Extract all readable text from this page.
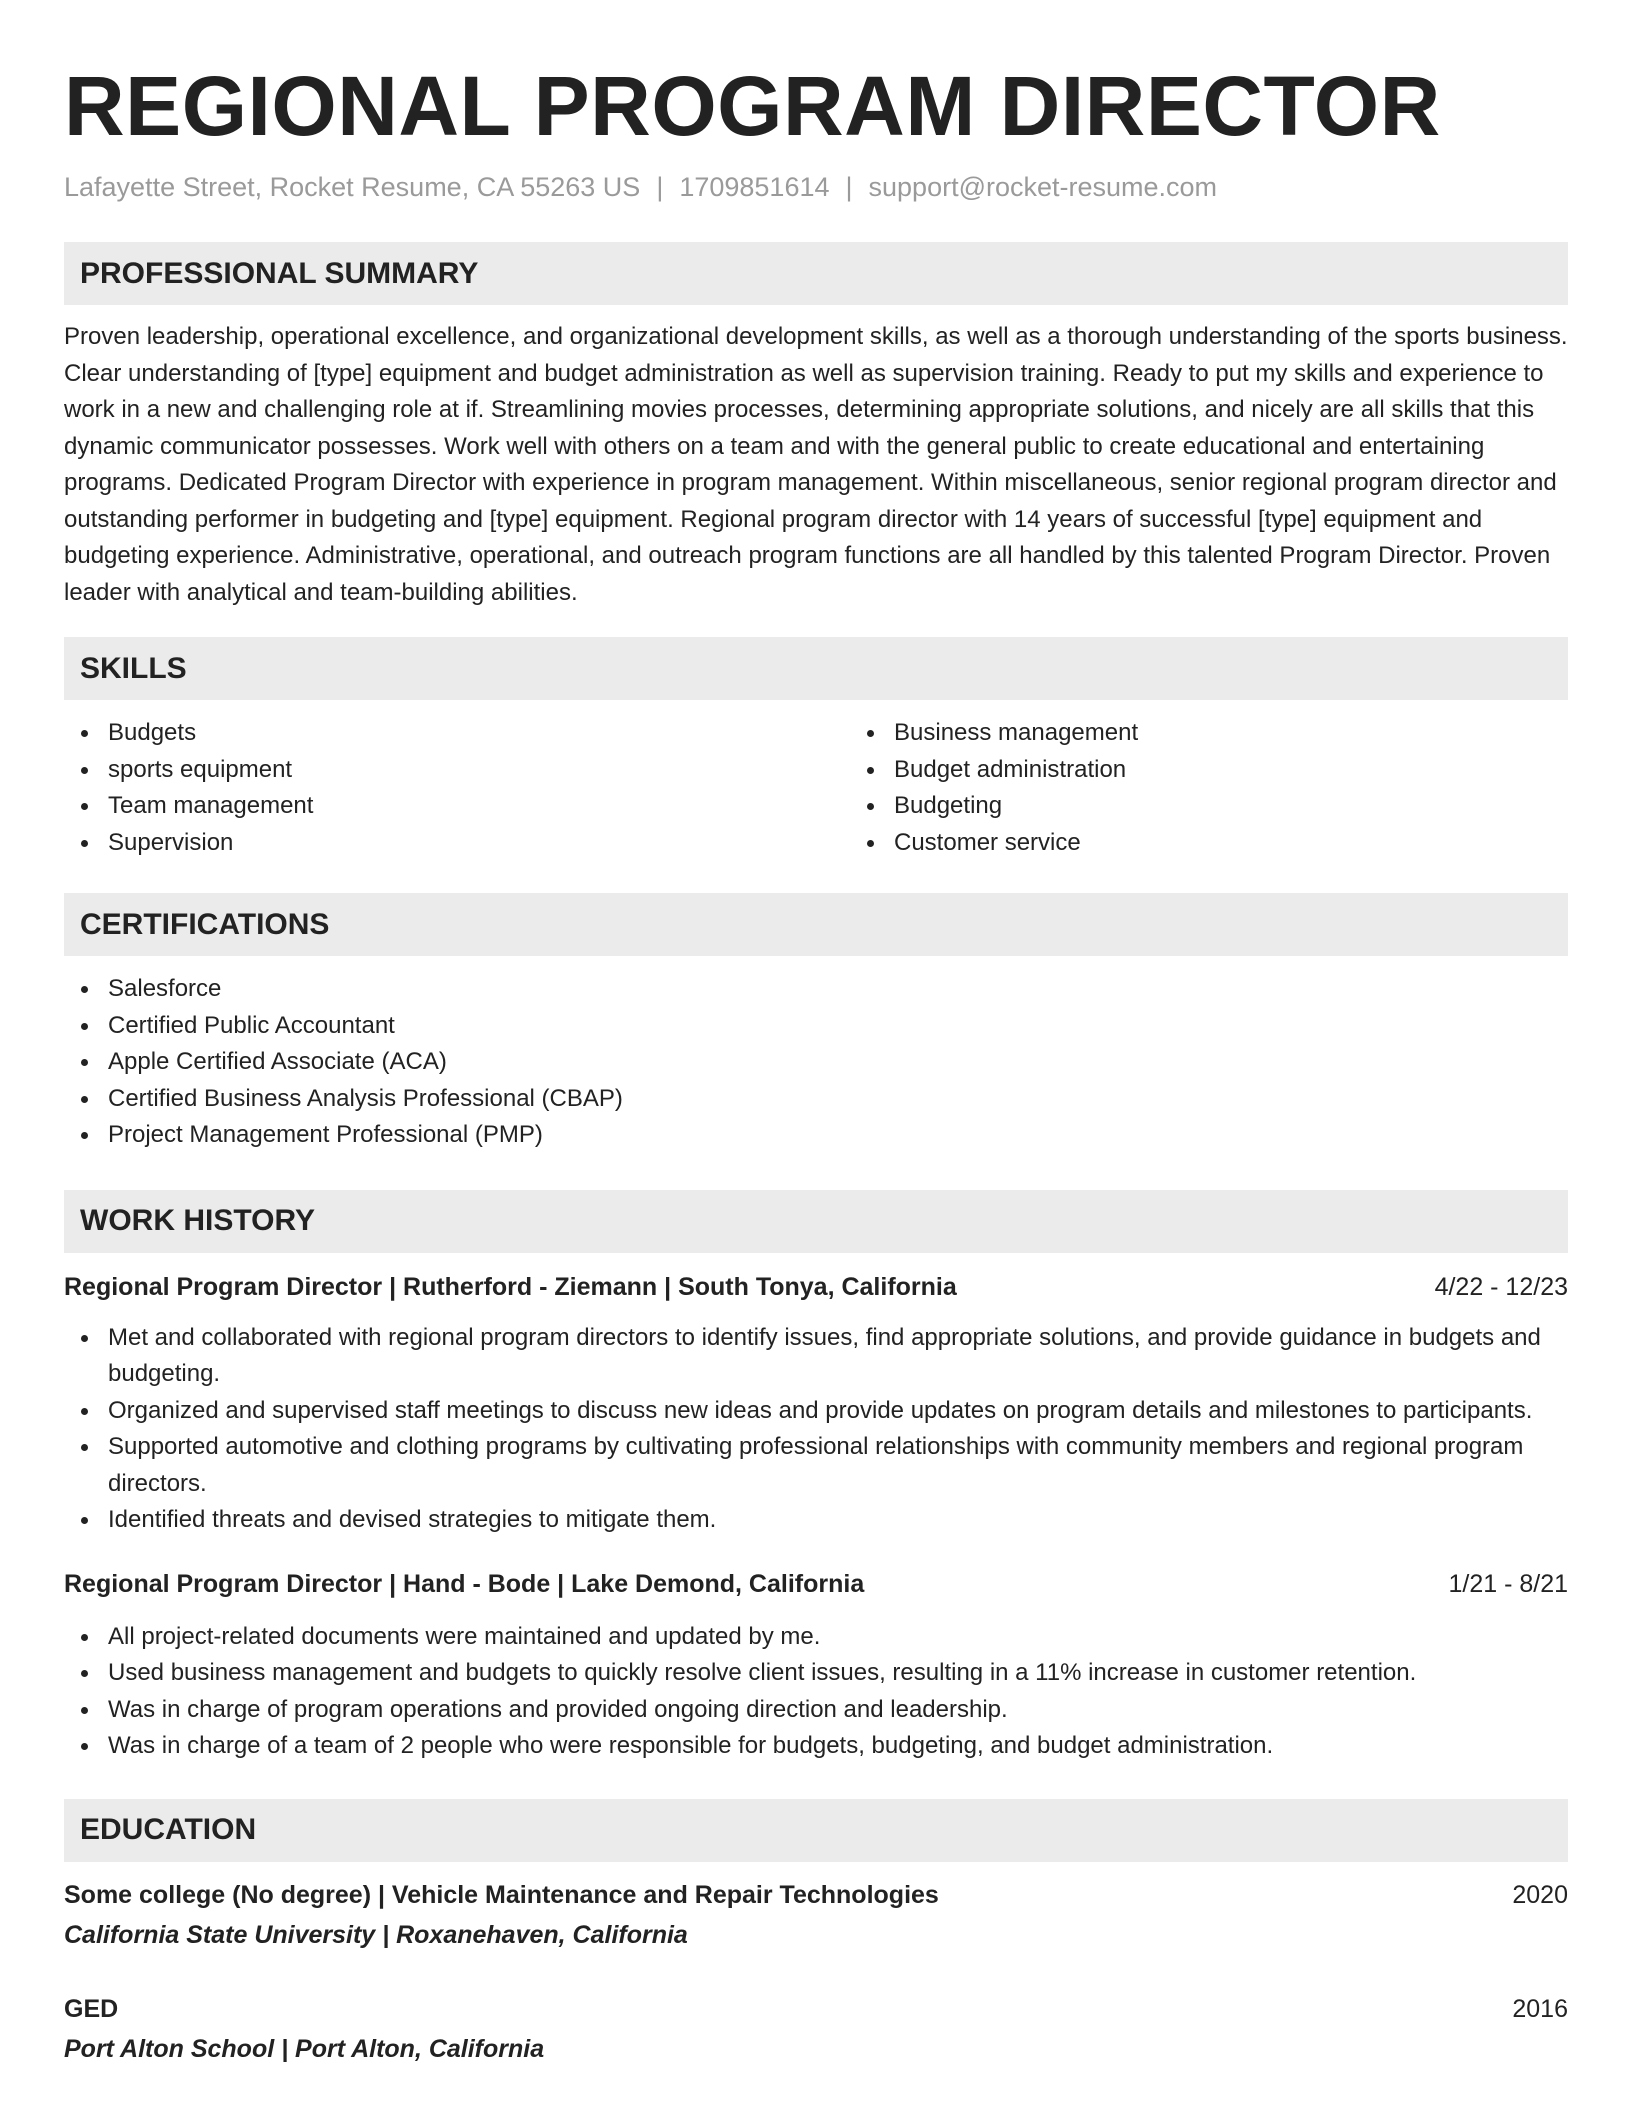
REGIONAL PROGRAM DIRECTOR
Lafayette Street, Rocket Resume, CA 55263 US | 1709851614 | support@rocket-resume.com
PROFESSIONAL SUMMARY

Proven leadership, operational excellence, and organizational development skills, as well as a thorough understanding of the sports business. Clear understanding of [type] equipment and budget administration as well as supervision training. Ready to put my skills and experience to work in a new and challenging role at if. Streamlining movies processes, determining appropriate solutions, and nicely are all skills that this dynamic communicator possesses. Work well with others on a team and with the general public to create educational and entertaining programs. Dedicated Program Director with experience in program management. Within miscellaneous, senior regional program director and outstanding performer in budgeting and [type] equipment. Regional program director with 14 years of successful [type] equipment and budgeting experience. Administrative, operational, and outreach program functions are all handled by this talented Program Director. Proven leader with analytical and team-building abilities.

SKILLS
Budgets
sports equipment
Team management
Supervision
Business management
Budget administration
Budgeting
Customer service
CERTIFICATIONS
Salesforce
Certified Public Accountant
Apple Certified Associate (ACA)
Certified Business Analysis Professional (CBAP)
Project Management Professional (PMP)
WORK HISTORY
Regional Program Director | Rutherford - Ziemann | South Tonya, California	4/22 - 12/23
Met and collaborated with regional program directors to identify issues, find appropriate solutions, and provide guidance in budgets and budgeting.
Organized and supervised staff meetings to discuss new ideas and provide updates on program details and milestones to participants.
Supported automotive and clothing programs by cultivating professional relationships with community members and regional program directors.
Identified threats and devised strategies to mitigate them.
Regional Program Director | Hand - Bode | Lake Demond, California	1/21 - 8/21
All project-related documents were maintained and updated by me.
Used business management and budgets to quickly resolve client issues, resulting in a 11% increase in customer retention.
Was in charge of program operations and provided ongoing direction and leadership.
Was in charge of a team of 2 people who were responsible for budgets, budgeting, and budget administration.
EDUCATION
Some college (No degree) | Vehicle Maintenance and Repair Technologies	2020
California State University | Roxanehaven, California
GED	2016
Port Alton School | Port Alton, California
